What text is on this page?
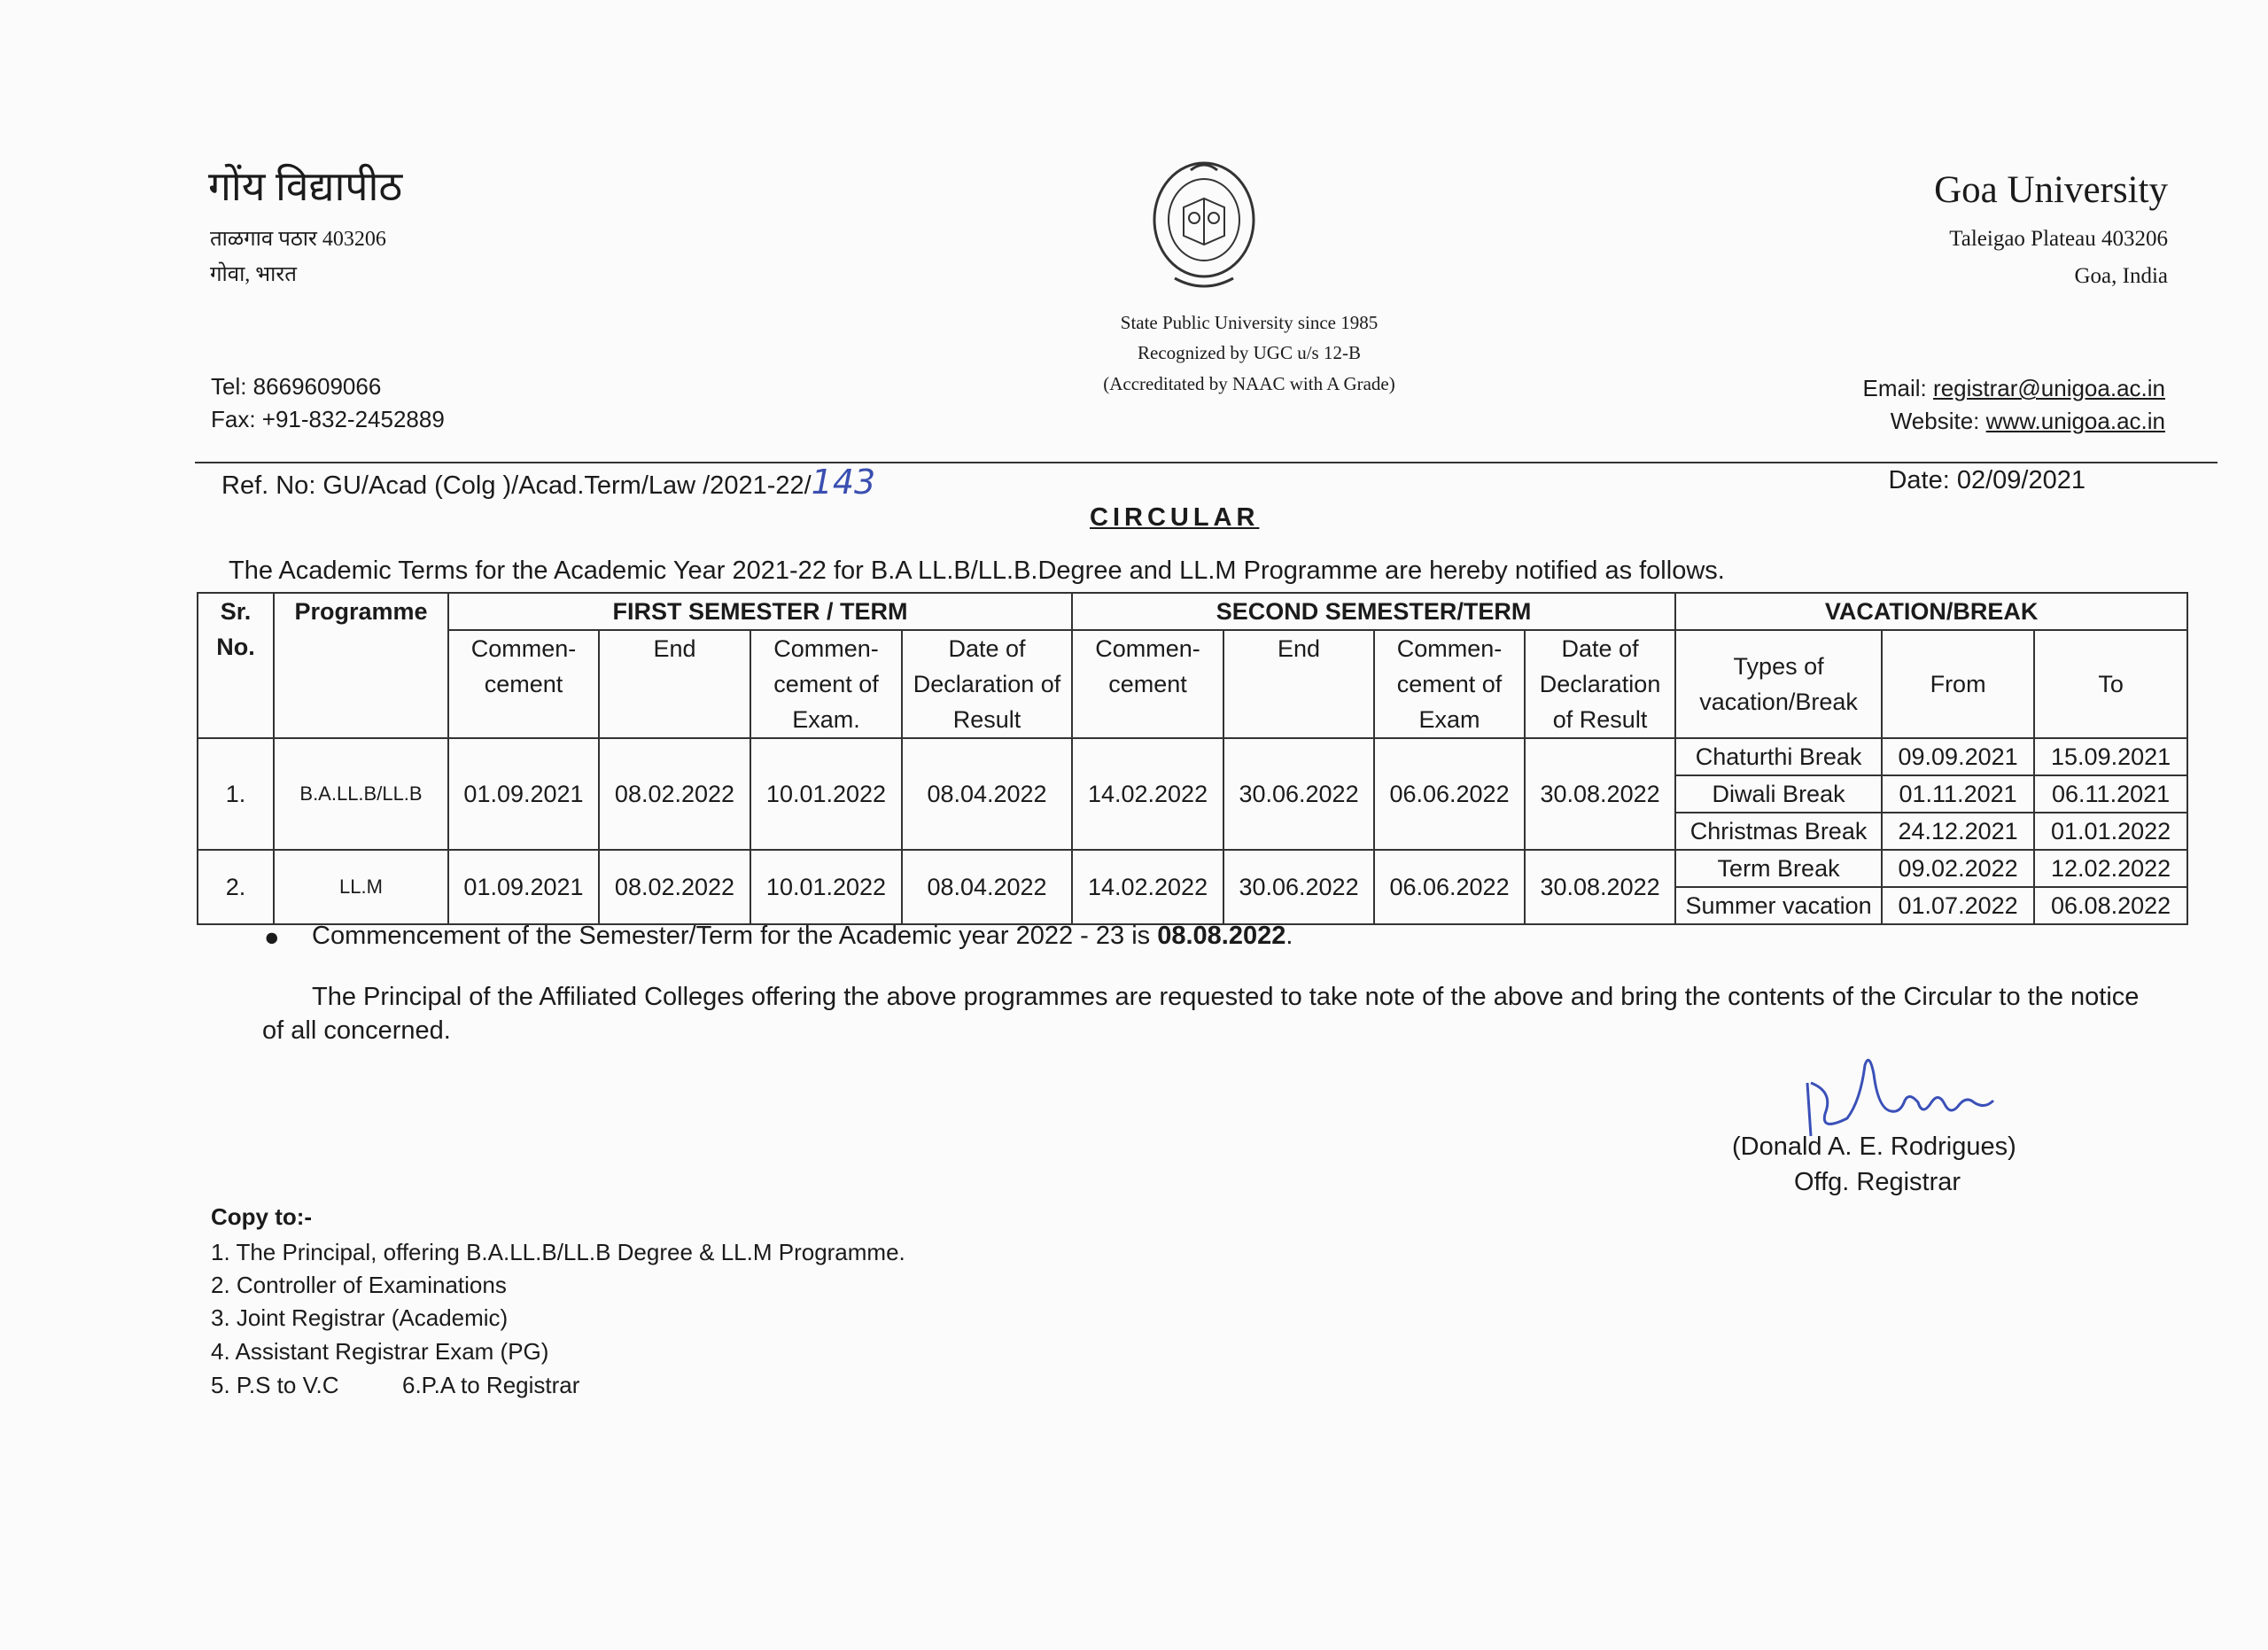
गोंय विद्यापीठ
ताळगाव पठार 403206
गोवा, भारत
Tel: 8669609066
Fax: +91-832-2452889
State Public University since 1985
Recognized by UGC u/s 12-B
(Accreditated by NAAC with A Grade)
Goa University
Taleigao Plateau 403206
Goa, India
Email: registrar@unigoa.ac.in
Website: www.unigoa.ac.in
Ref. No: GU/Acad (Colg )/Acad.Term/Law /2021-22/143	Date: 02/09/2021
CIRCULAR
The Academic Terms for the Academic Year 2021-22 for B.A LL.B/LL.B.Degree and LL.M Programme are hereby notified as follows.
Sr. No.	Programme	FIRST SEMESTER / TERM				SECOND SEMESTER/TERM				VACATION/BREAK		
		Commen-cement	End	Commen-cement of Exam.	Date of Declaration of Result	Commen-cement	End	Commen-cement of Exam	Date of Declaration of Result	Types of vacation/Break	From	To
1.	B.A.LL.B/LL.B	01.09.2021	08.02.2022	10.01.2022	08.04.2022	14.02.2022	30.06.2022	06.06.2022	30.08.2022	Chaturthi Break	09.09.2021	15.09.2021
										Diwali Break	01.11.2021	06.11.2021
										Christmas Break	24.12.2021	01.01.2022
2.	LL.M	01.09.2021	08.02.2022	10.01.2022	08.04.2022	14.02.2022	30.06.2022	06.06.2022	30.08.2022	Term Break	09.02.2022	12.02.2022
										Summer vacation	01.07.2022	06.08.2022
● Commencement of the Semester/Term for the Academic year 2022 - 23 is 08.08.2022.
The Principal of the Affiliated Colleges offering the above programmes are requested to take note of the above and bring the contents of the Circular to the notice of all concerned.
(Donald A. E. Rodrigues)
Offg. Registrar
Copy to:-
1. The Principal, offering B.A.LL.B/LL.B Degree & LL.M Programme.
2. Controller of Examinations
3. Joint Registrar (Academic)
4. Assistant Registrar Exam (PG)
5. P.S to V.C	6.P.A to Registrar
